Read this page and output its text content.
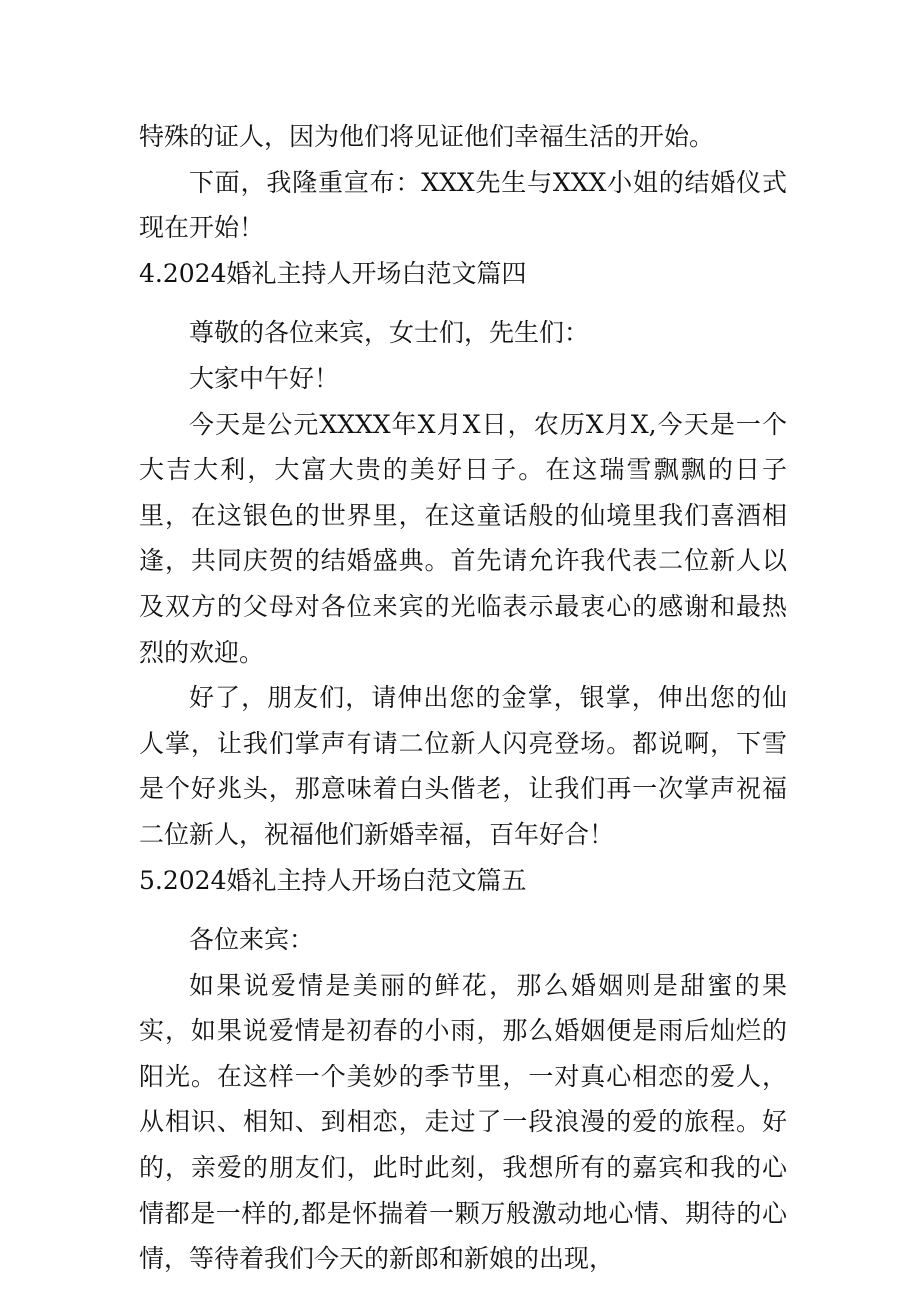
特殊的证人，因为他们将见证他们幸福生活的开始。

下面，我隆重宣布：XXX先生与XXX小姐的结婚仪式现在开始！

4.2024婚礼主持人开场白范文篇四

尊敬的各位来宾，女士们，先生们：

大家中午好！

今天是公元XXXX年X月X日，农历X月X,今天是一个大吉大利，大富大贵的美好日子。在这瑞雪飘飘的日子里，在这银色的世界里，在这童话般的仙境里我们喜酒相逢，共同庆贺的结婚盛典。首先请允许我代表二位新人以及双方的父母对各位来宾的光临表示最衷心的感谢和最热烈的欢迎。

好了，朋友们，请伸出您的金掌，银掌，伸出您的仙人掌，让我们掌声有请二位新人闪亮登场。都说啊，下雪是个好兆头，那意味着白头偕老，让我们再一次掌声祝福二位新人，祝福他们新婚幸福，百年好合！

5.2024婚礼主持人开场白范文篇五

各位来宾：

如果说爱情是美丽的鲜花，那么婚姻则是甜蜜的果实，如果说爱情是初春的小雨，那么婚姻便是雨后灿烂的阳光。在这样一个美妙的季节里，一对真心相恋的爱人，从相识、相知、到相恋，走过了一段浪漫的爱的旅程。好的，亲爱的朋友们，此时此刻，我想所有的嘉宾和我的心情都是一样的,都是怀揣着一颗万般激动地心情、期待的心情，等待着我们今天的新郎和新娘的出现，
